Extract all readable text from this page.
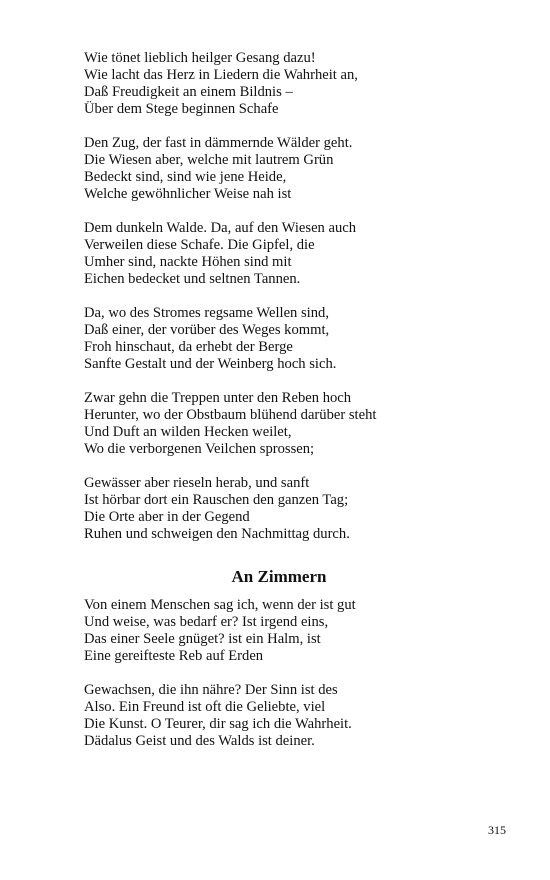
Wie tönet lieblich heilger Gesang dazu!
Wie lacht das Herz in Liedern die Wahrheit an,
Daß Freudigkeit an einem Bildnis –
Über dem Stege beginnen Schafe
Den Zug, der fast in dämmernde Wälder geht.
Die Wiesen aber, welche mit lautrem Grün
Bedeckt sind, sind wie jene Heide,
Welche gewöhnlicher Weise nah ist
Dem dunkeln Walde. Da, auf den Wiesen auch
Verweilen diese Schafe. Die Gipfel, die
Umher sind, nackte Höhen sind mit
Eichen bedecket und seltnen Tannen.
Da, wo des Stromes regsame Wellen sind,
Daß einer, der vorüber des Weges kommt,
Froh hinschaut, da erhebt der Berge
Sanfte Gestalt und der Weinberg hoch sich.
Zwar gehn die Treppen unter den Reben hoch
Herunter, wo der Obstbaum blühend darüber steht
Und Duft an wilden Hecken weilet,
Wo die verborgenen Veilchen sprossen;
Gewässer aber rieseln herab, und sanft
Ist hörbar dort ein Rauschen den ganzen Tag;
Die Orte aber in der Gegend
Ruhen und schweigen den Nachmittag durch.
An Zimmern
Von einem Menschen sag ich, wenn der ist gut
Und weise, was bedarf er? Ist irgend eins,
Das einer Seele gnüget? ist ein Halm, ist
Eine gereifteste Reb auf Erden
Gewachsen, die ihn nähre? Der Sinn ist des
Also. Ein Freund ist oft die Geliebte, viel
Die Kunst. O Teurer, dir sag ich die Wahrheit.
Dädalus Geist und des Walds ist deiner.
315
